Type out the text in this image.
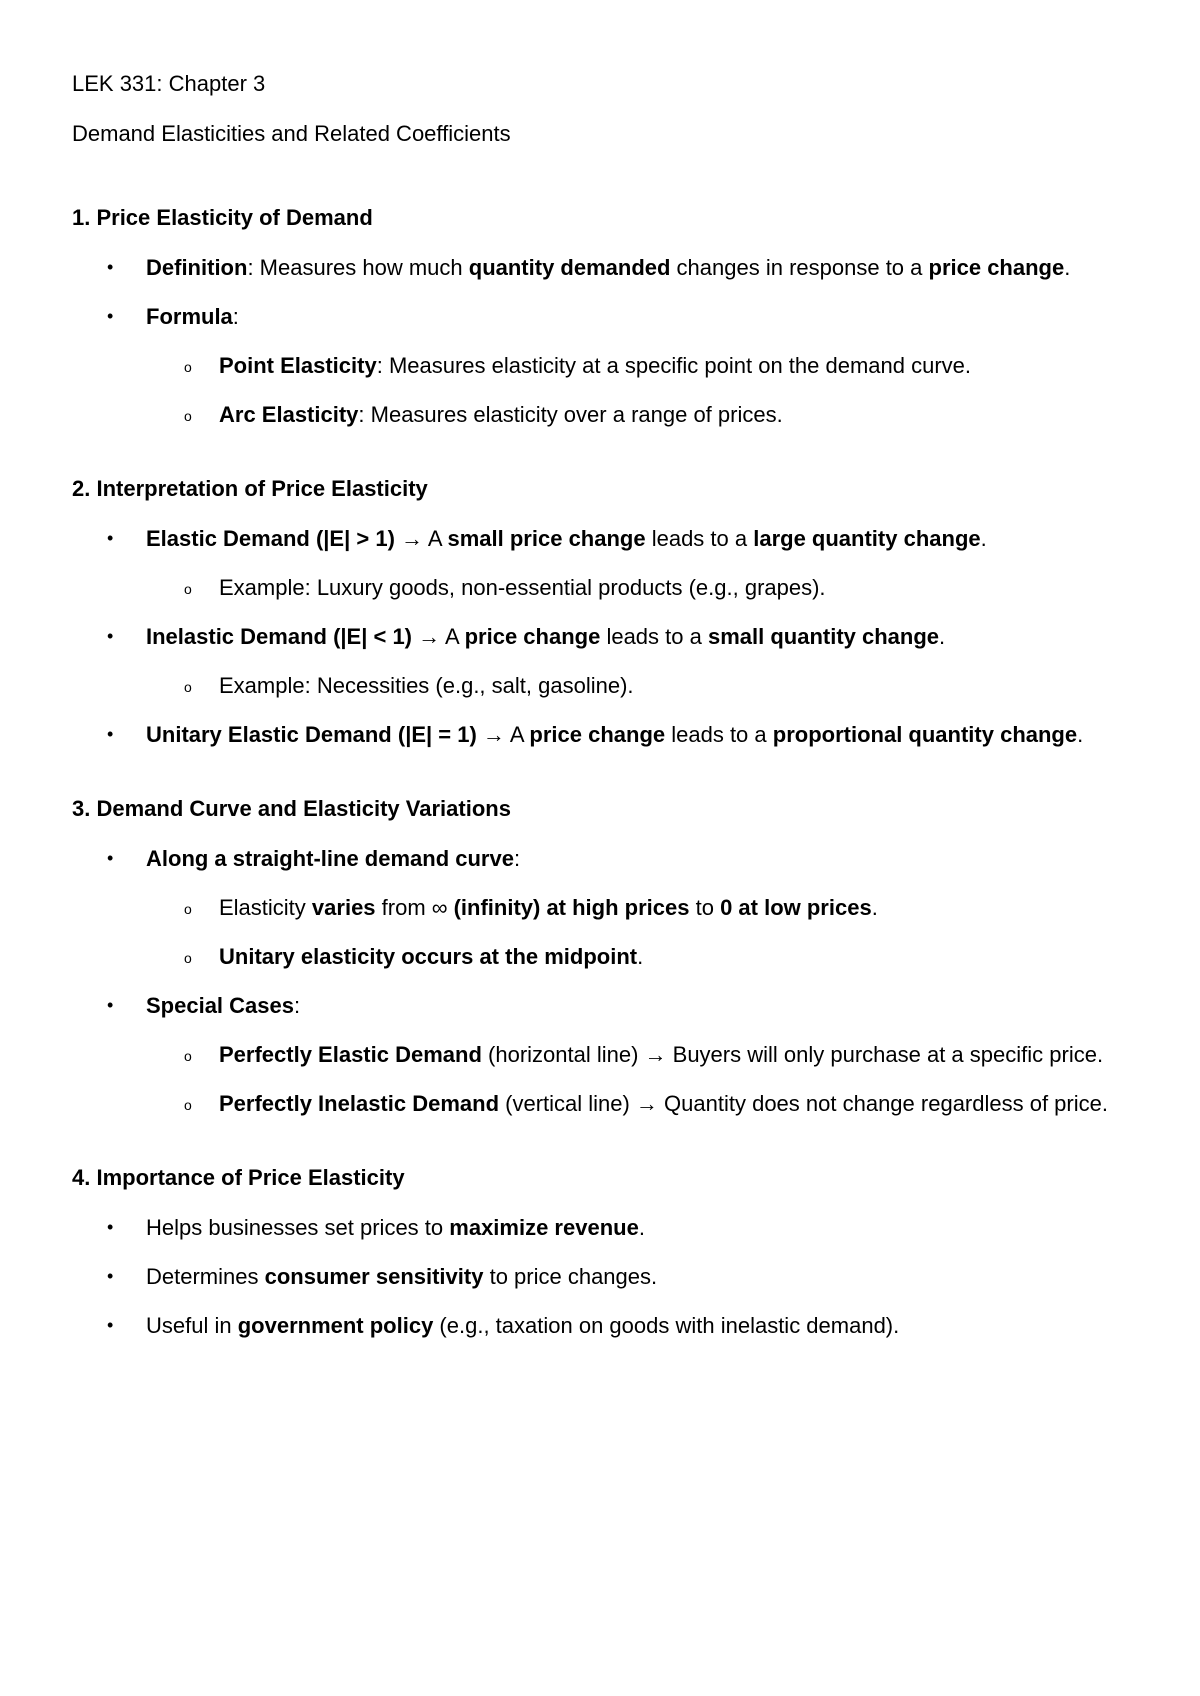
LEK 331: Chapter 3

Demand Elasticities and Related Coefficients

1. Price Elasticity of Demand

• Definition: Measures how much quantity demanded changes in response to a price change.

• Formula:

o Point Elasticity: Measures elasticity at a specific point on the demand curve.

o Arc Elasticity: Measures elasticity over a range of prices.

2. Interpretation of Price Elasticity

• Elastic Demand (|E| > 1) → A small price change leads to a large quantity change.

o Example: Luxury goods, non-essential products (e.g., grapes).

• Inelastic Demand (|E| < 1) → A price change leads to a small quantity change.

o Example: Necessities (e.g., salt, gasoline).

• Unitary Elastic Demand (|E| = 1) → A price change leads to a proportional quantity change.

3. Demand Curve and Elasticity Variations

• Along a straight-line demand curve:

o Elasticity varies from ∞ (infinity) at high prices to 0 at low prices.

o Unitary elasticity occurs at the midpoint.

• Special Cases:

o Perfectly Elastic Demand (horizontal line) → Buyers will only purchase at a specific price.

o Perfectly Inelastic Demand (vertical line) → Quantity does not change regardless of price.

4. Importance of Price Elasticity

• Helps businesses set prices to maximize revenue.

• Determines consumer sensitivity to price changes.

• Useful in government policy (e.g., taxation on goods with inelastic demand).
